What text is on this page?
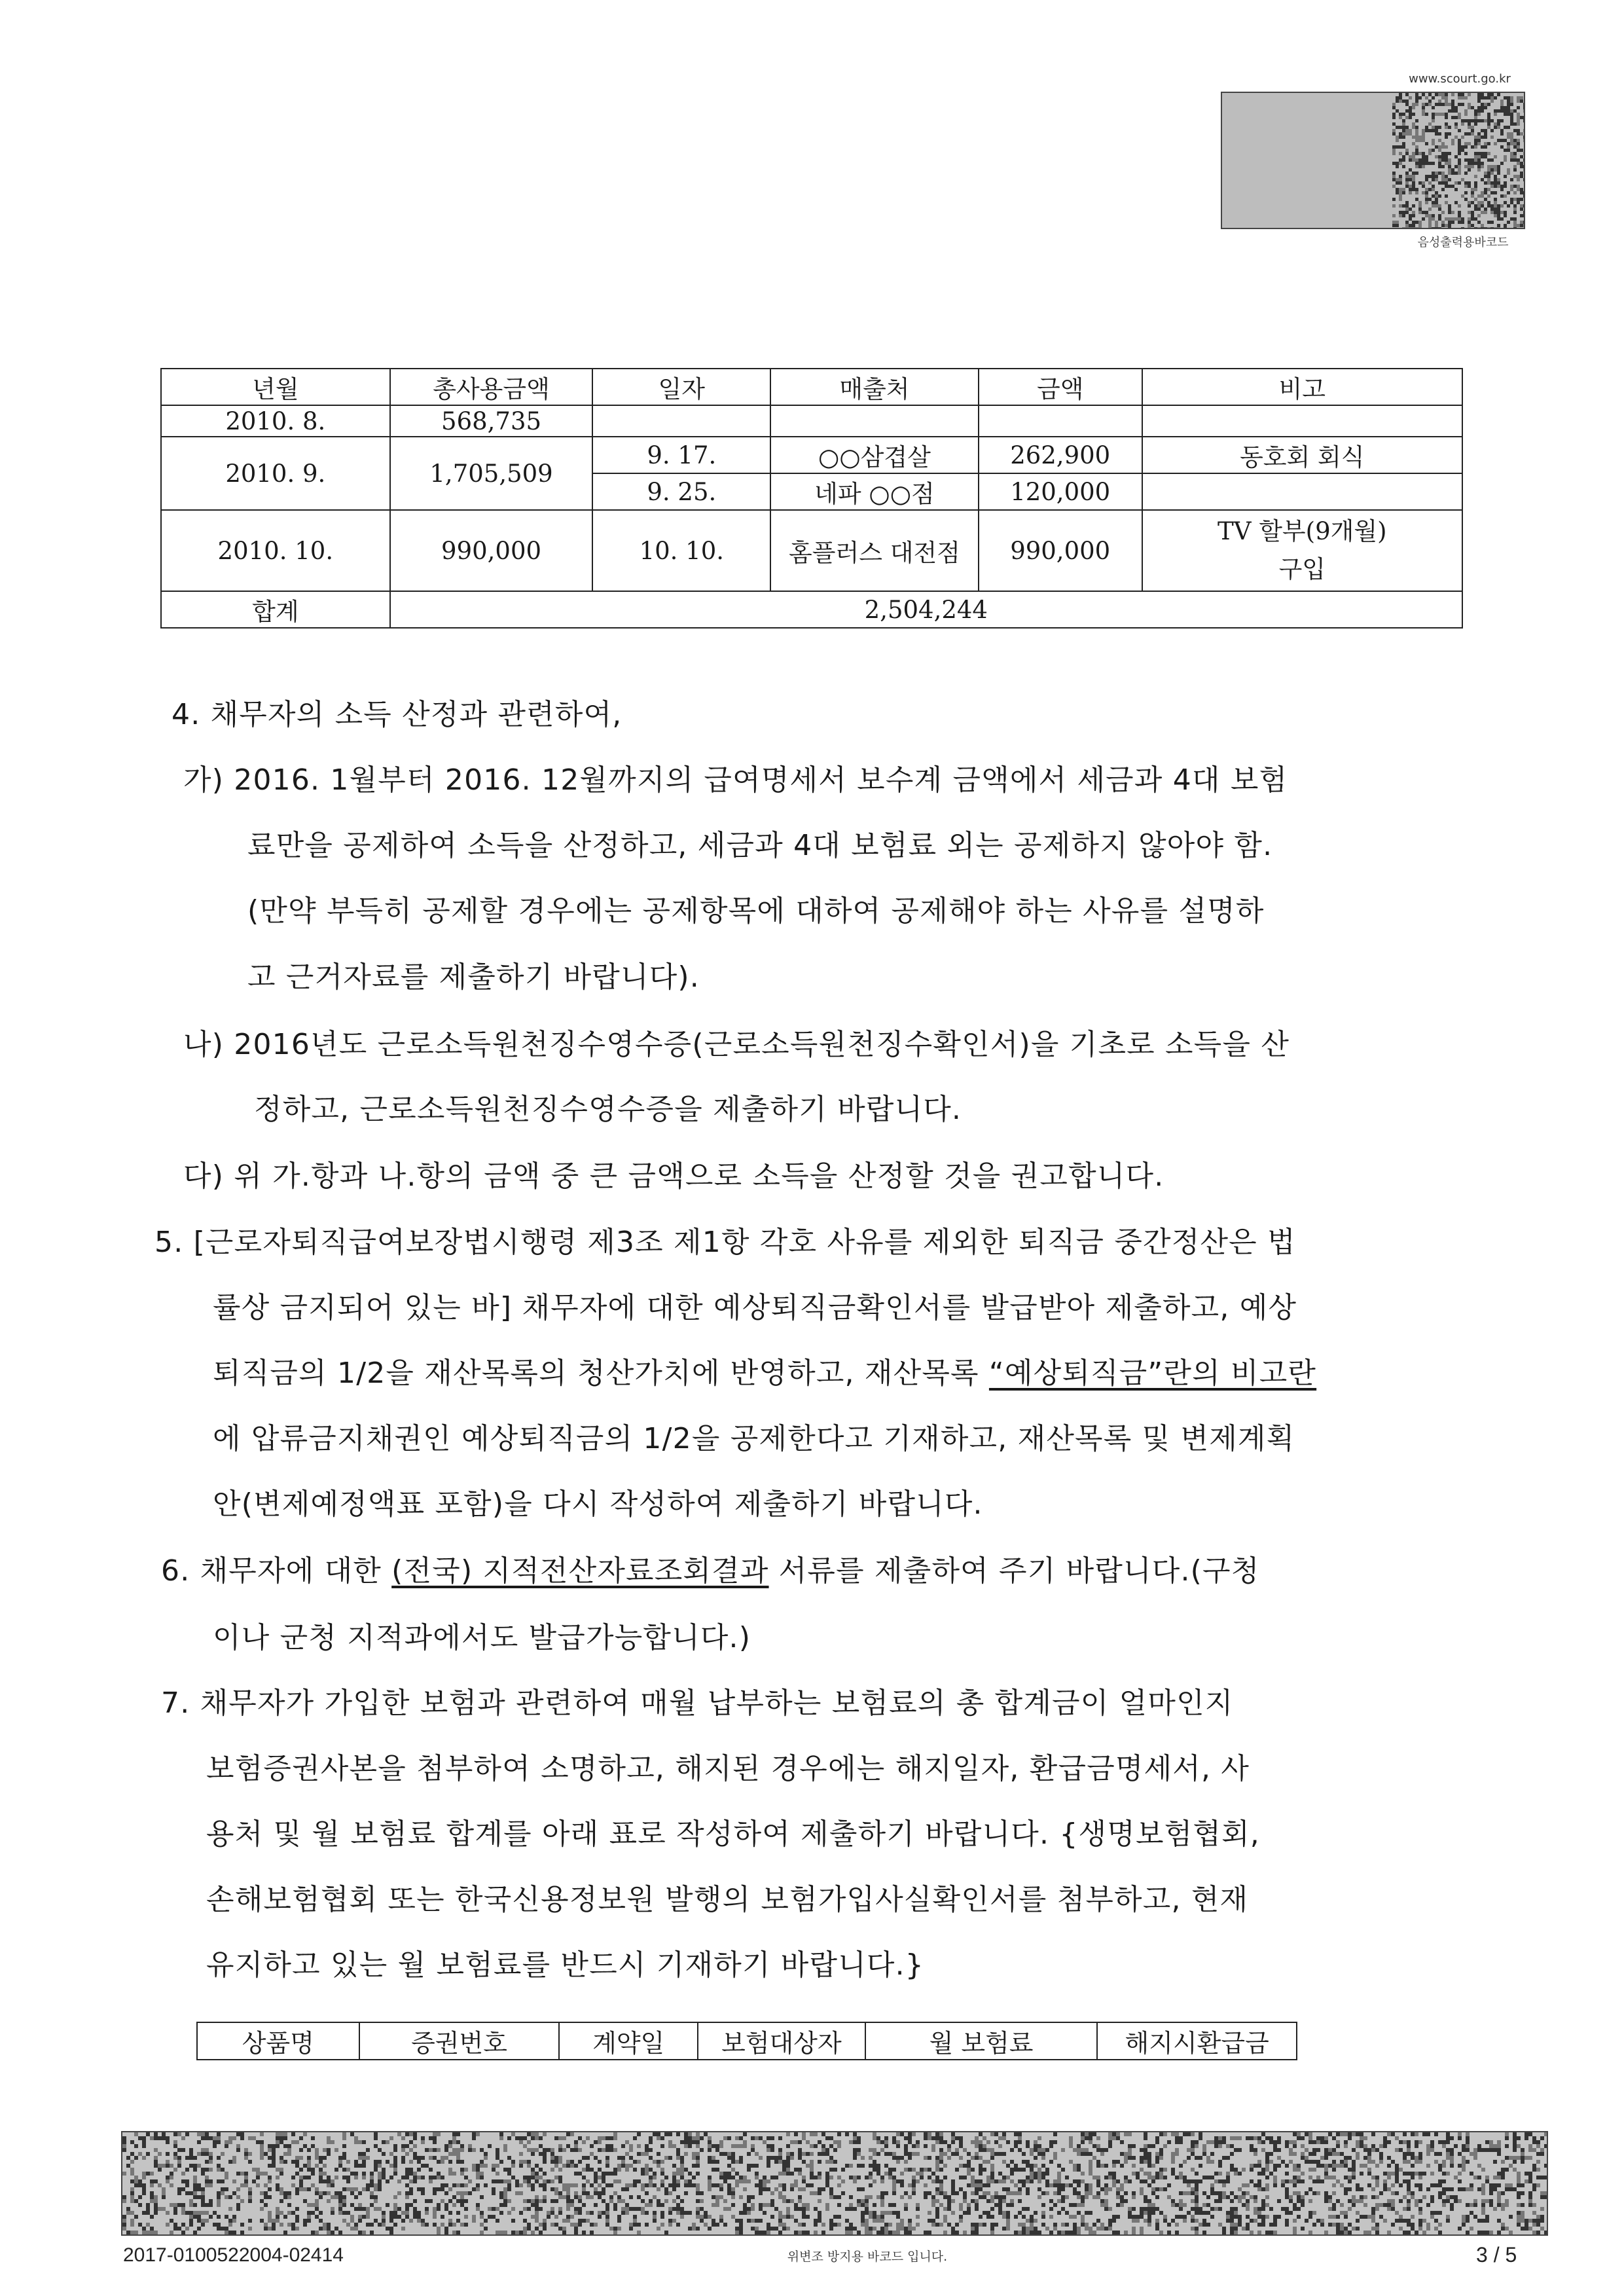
www.scourt.go.kr
음성출력용바코드
년월	총사용금액	일자	매출처	금액	비고
2010. 8.	568,735				
2010. 9.	1,705,509	9. 17.	○○삼겹살	262,900	동호회 회식
		9. 25.	네파 ○○점	120,000	
2010. 10.	990,000	10. 10.	홈플러스 대전점	990,000	TV 할부(9개월)
구입

합계	2,504,244				
4. 채무자의 소득 산정과 관련하여,
가) 2016. 1월부터 2016. 12월까지의 급여명세서 보수계 금액에서 세금과 4대 보험
료만을 공제하여 소득을 산정하고, 세금과 4대 보험료 외는 공제하지 않아야 함.
(만약 부득히 공제할 경우에는 공제항목에 대하여 공제해야 하는 사유를 설명하
고 근거자료를 제출하기 바랍니다).
나) 2016년도 근로소득원천징수영수증(근로소득원천징수확인서)을 기초로 소득을 산
정하고, 근로소득원천징수영수증을 제출하기 바랍니다.
다) 위 가.항과 나.항의 금액 중 큰 금액으로 소득을 산정할 것을 권고합니다.
5. [근로자퇴직급여보장법시행령 제3조 제1항 각호 사유를 제외한 퇴직금 중간정산은 법
률상 금지되어 있는 바] 채무자에 대한 예상퇴직금확인서를 발급받아 제출하고, 예상
퇴직금의 1/2을 재산목록의 청산가치에 반영하고, 재산목록 “예상퇴직금”란의 비고란
에 압류금지채권인 예상퇴직금의 1/2을 공제한다고 기재하고, 재산목록 및 변제계획
안(변제예정액표 포함)을 다시 작성하여 제출하기 바랍니다.
6. 채무자에 대한 (전국) 지적전산자료조회결과 서류를 제출하여 주기 바랍니다.(구청
이나 군청 지적과에서도 발급가능합니다.)
7. 채무자가 가입한 보험과 관련하여 매월 납부하는 보험료의 총 합계금이 얼마인지
보험증권사본을 첨부하여 소명하고, 해지된 경우에는 해지일자, 환급금명세서, 사
용처 및 월 보험료 합계를 아래 표로 작성하여 제출하기 바랍니다. {생명보험협회,
손해보험협회 또는 한국신용정보원 발행의 보험가입사실확인서를 첨부하고, 현재
유지하고 있는 월 보험료를 반드시 기재하기 바랍니다.}
상품명	증권번호	계약일	보험대상자	월 보험료	해지시환급금
2017-0100522004-02414	위변조 방지용 바코드 입니다.	3 / 5
